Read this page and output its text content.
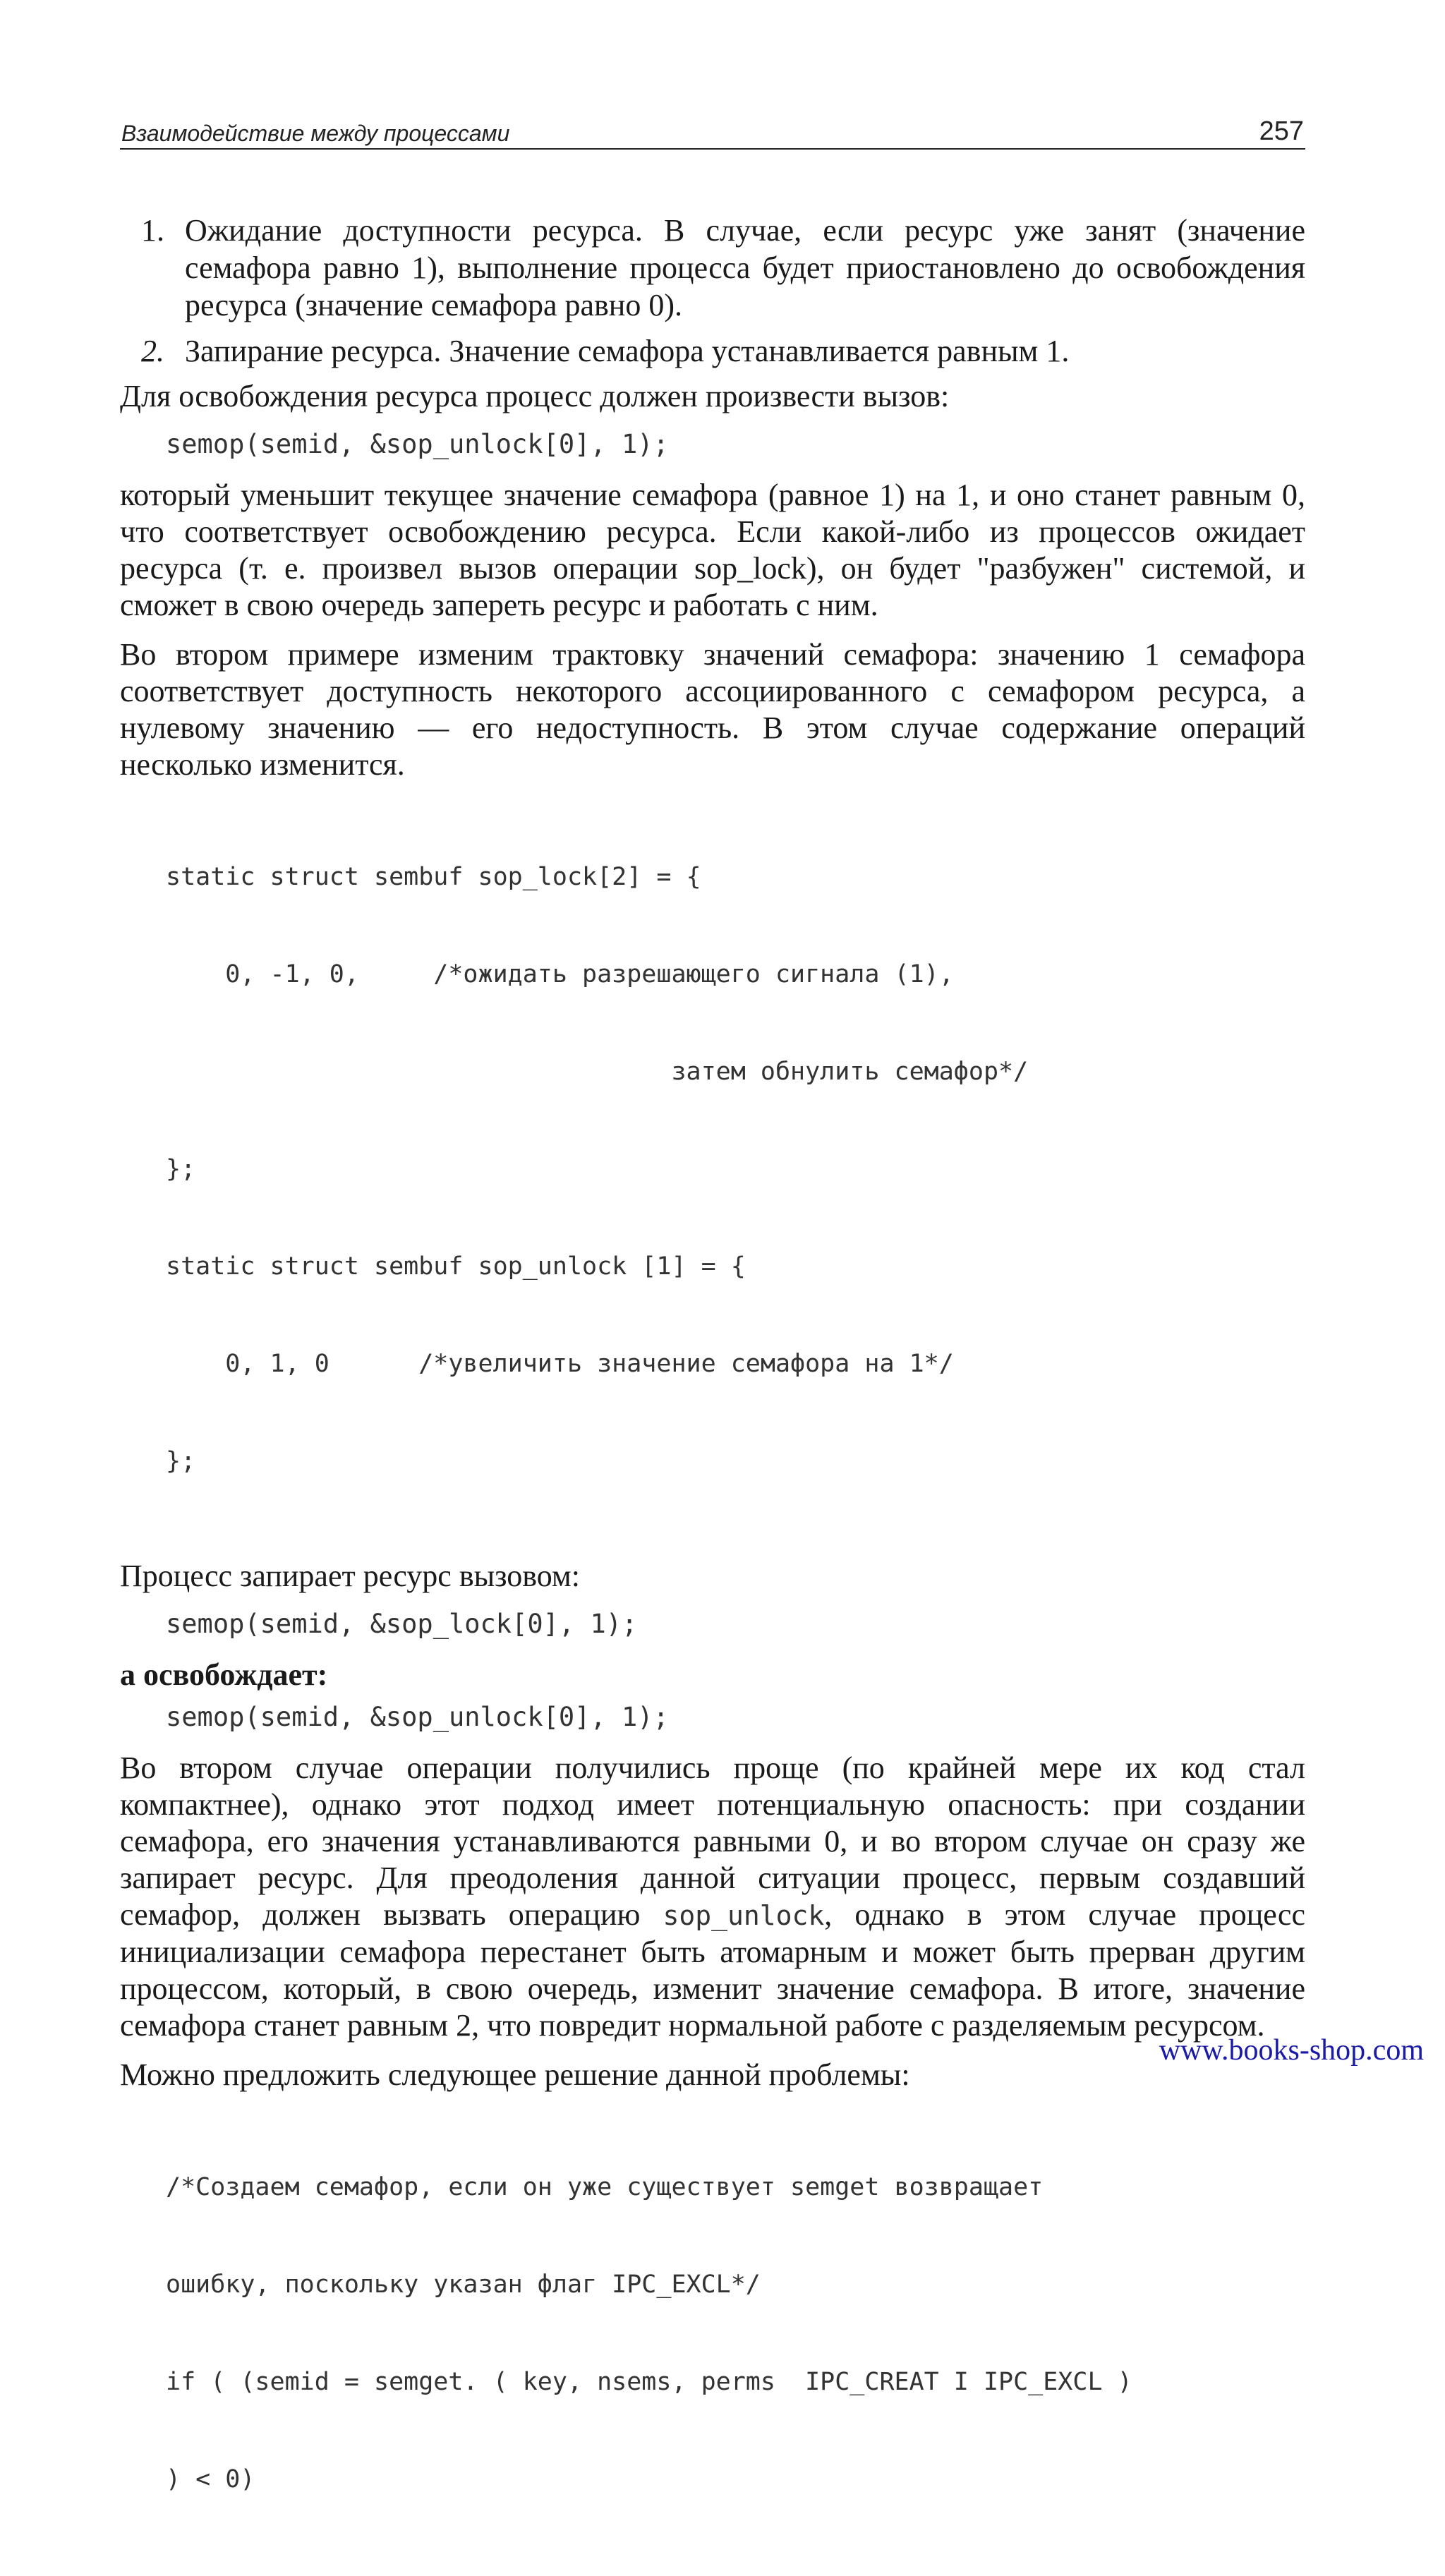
Взаимодействие между процессами	257
1. Ожидание доступности ресурса. В случае, если ресурс уже занят (значение семафора равно 1), выполнение процесса будет приостановлено до освобождения ресурса (значение семафора равно 0).
2. Запирание ресурса. Значение семафора устанавливается равным 1.

Для освобождения ресурса процесс должен произвести вызов:

semop(semid, &sop_unlock[0], 1);

который уменьшит текущее значение семафора (равное 1) на 1, и оно станет равным 0, что соответствует освобождению ресурса. Если какой-либо из процессов ожидает ресурса (т. е. произвел вызов операции sop_lock), он будет "разбужен" системой, и сможет в свою очередь запереть ресурс и работать с ним.

Во втором примере изменим трактовку значений семафора: значению 1 семафора соответствует доступность некоторого ассоциированного с семафором ресурса, а нулевому значению — его недоступность. В этом случае содержание операций несколько изменится.

static struct sembuf sop_lock[2] = {

0, -1, 0,     /*ожидать разрешающего сигнала (1),

затем обнулить семафор*/

};

static struct sembuf sop_unlock [1] = {

0, 1, 0      /*увеличить значение семафора на 1*/

};

Процесс запирает ресурс вызовом:

semop(semid, &sop_lock[0], 1);
а освобождает:
semop(semid, &sop_unlock[0], 1);

Во втором случае операции получились проще (по крайней мере их код стал компактнее), однако этот подход имеет потенциальную опасность: при создании семафора, его значения устанавливаются равными 0, и во втором случае он сразу же запирает ресурс. Для преодоления данной ситуации процесс, первым создавший семафор, должен вызвать операцию sop_unlock, однако в этом случае процесс инициализации семафора перестанет быть атомарным и может быть прерван другим процессом, который, в свою очередь, изменит значение семафора. В итоге, значение семафора станет равным 2, что повредит нормальной работе с разделяемым ресурсом.

Можно предложить следующее решение данной проблемы:

/*Создаем семафор, если он уже существует semget возвращает

ошибку, поскольку указан флаг IPC_EXCL*/

if ( (semid = semget. ( key, nsems, perms  IPC_CREAT I IPC_EXCL )

) < 0)

www.books-shop.com
